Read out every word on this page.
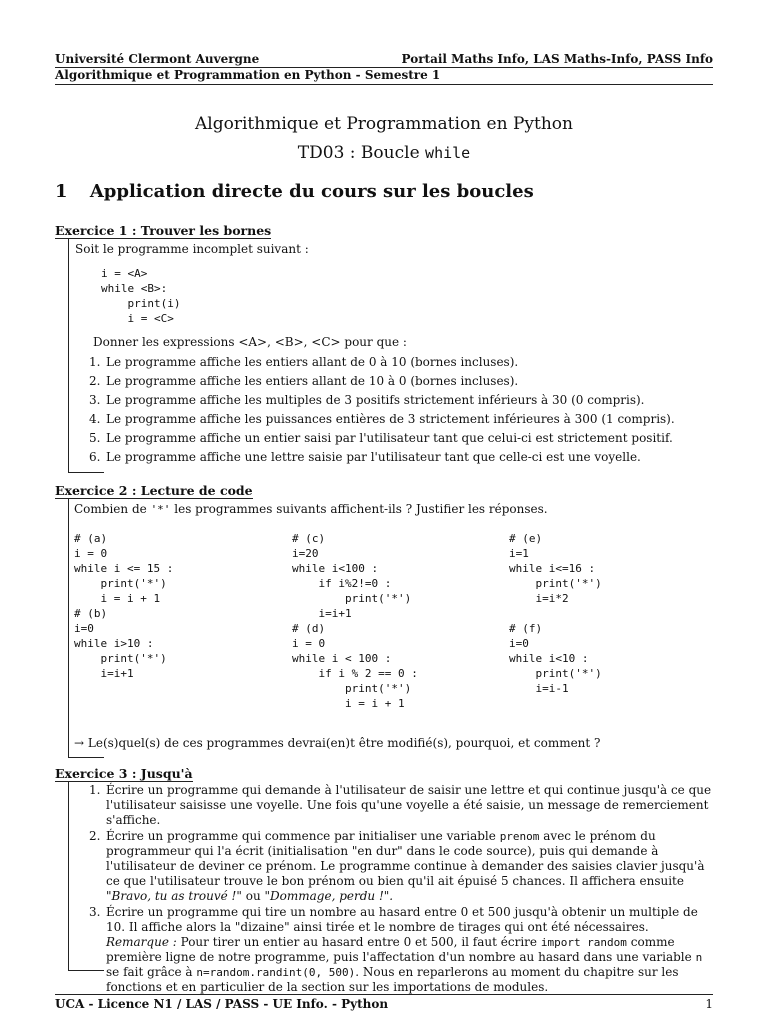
Université Clermont Auvergne	Portail Maths Info, LAS Maths-Info, PASS Info
Algorithmique et Programmation en Python - Semestre 1
Algorithmique et Programmation en Python
TD03 : Boucle while
1 Application directe du cours sur les boucles
Exercice 1 : Trouver les bornes
Soit le programme incomplet suivant :
i = <A>
while <B>:
print(i)
i = <C>
Donner les expressions <A>, <B>, <C> pour que :
1. Le programme affiche les entiers allant de 0 à 10 (bornes incluses).
2. Le programme affiche les entiers allant de 10 à 0 (bornes incluses).
3. Le programme affiche les multiples de 3 positifs strictement inférieurs à 30 (0 compris).
4. Le programme affiche les puissances entières de 3 strictement inférieures à 300 (1 compris).
5. Le programme affiche un entier saisi par l'utilisateur tant que celui-ci est strictement positif.
6. Le programme affiche une lettre saisie par l'utilisateur tant que celle-ci est une voyelle.
Exercice 2 : Lecture de code
Combien de '*' les programmes suivants affichent-ils ? Justifier les réponses.
# (a)
i = 0
while i <= 15 :
print('*')
i = i + 1
# (b)
i=0
while i>10 :
print('*')
i=i+1
# (c)
i=20
while i<100 :
if i%2!=0 :
print('*')
i=i+1
# (d)
i = 0
while i < 100 :
if i % 2 == 0 :
print('*')
i = i + 1
# (e)
i=1
while i<=16 :
print('*')
i=i*2

# (f)
i=0
while i<10 :
print('*')
i=i-1
→ Le(s)quel(s) de ces programmes devrai(en)t être modifié(s), pourquoi, et comment ?
Exercice 3 : Jusqu'à
1. Écrire un programme qui demande à l'utilisateur de saisir une lettre et qui continue jusqu'à ce que l'utilisateur saisisse une voyelle. Une fois qu'une voyelle a été saisie, un message de remerciement s'affiche.
2. Écrire un programme qui commence par initialiser une variable prenom avec le prénom du programmeur qui l'a écrit (initialisation "en dur" dans le code source), puis qui demande à l'utilisateur de deviner ce prénom. Le programme continue à demander des saisies clavier jusqu'à ce que l'utilisateur trouve le bon prénom ou bien qu'il ait épuisé 5 chances. Il affichera ensuite "Bravo, tu as trouvé !" ou "Dommage, perdu !".
3. Écrire un programme qui tire un nombre au hasard entre 0 et 500 jusqu'à obtenir un multiple de 10. Il affiche alors la "dizaine" ainsi tirée et le nombre de tirages qui ont été nécessaires.
Remarque : Pour tirer un entier au hasard entre 0 et 500, il faut écrire import random comme première ligne de notre programme, puis l'affectation d'un nombre au hasard dans une variable n se fait grâce à n=random.randint(0, 500). Nous en reparlerons au moment du chapitre sur les fonctions et en particulier de la section sur les importations de modules.
UCA - Licence N1 / LAS / PASS - UE Info. - Python	1
